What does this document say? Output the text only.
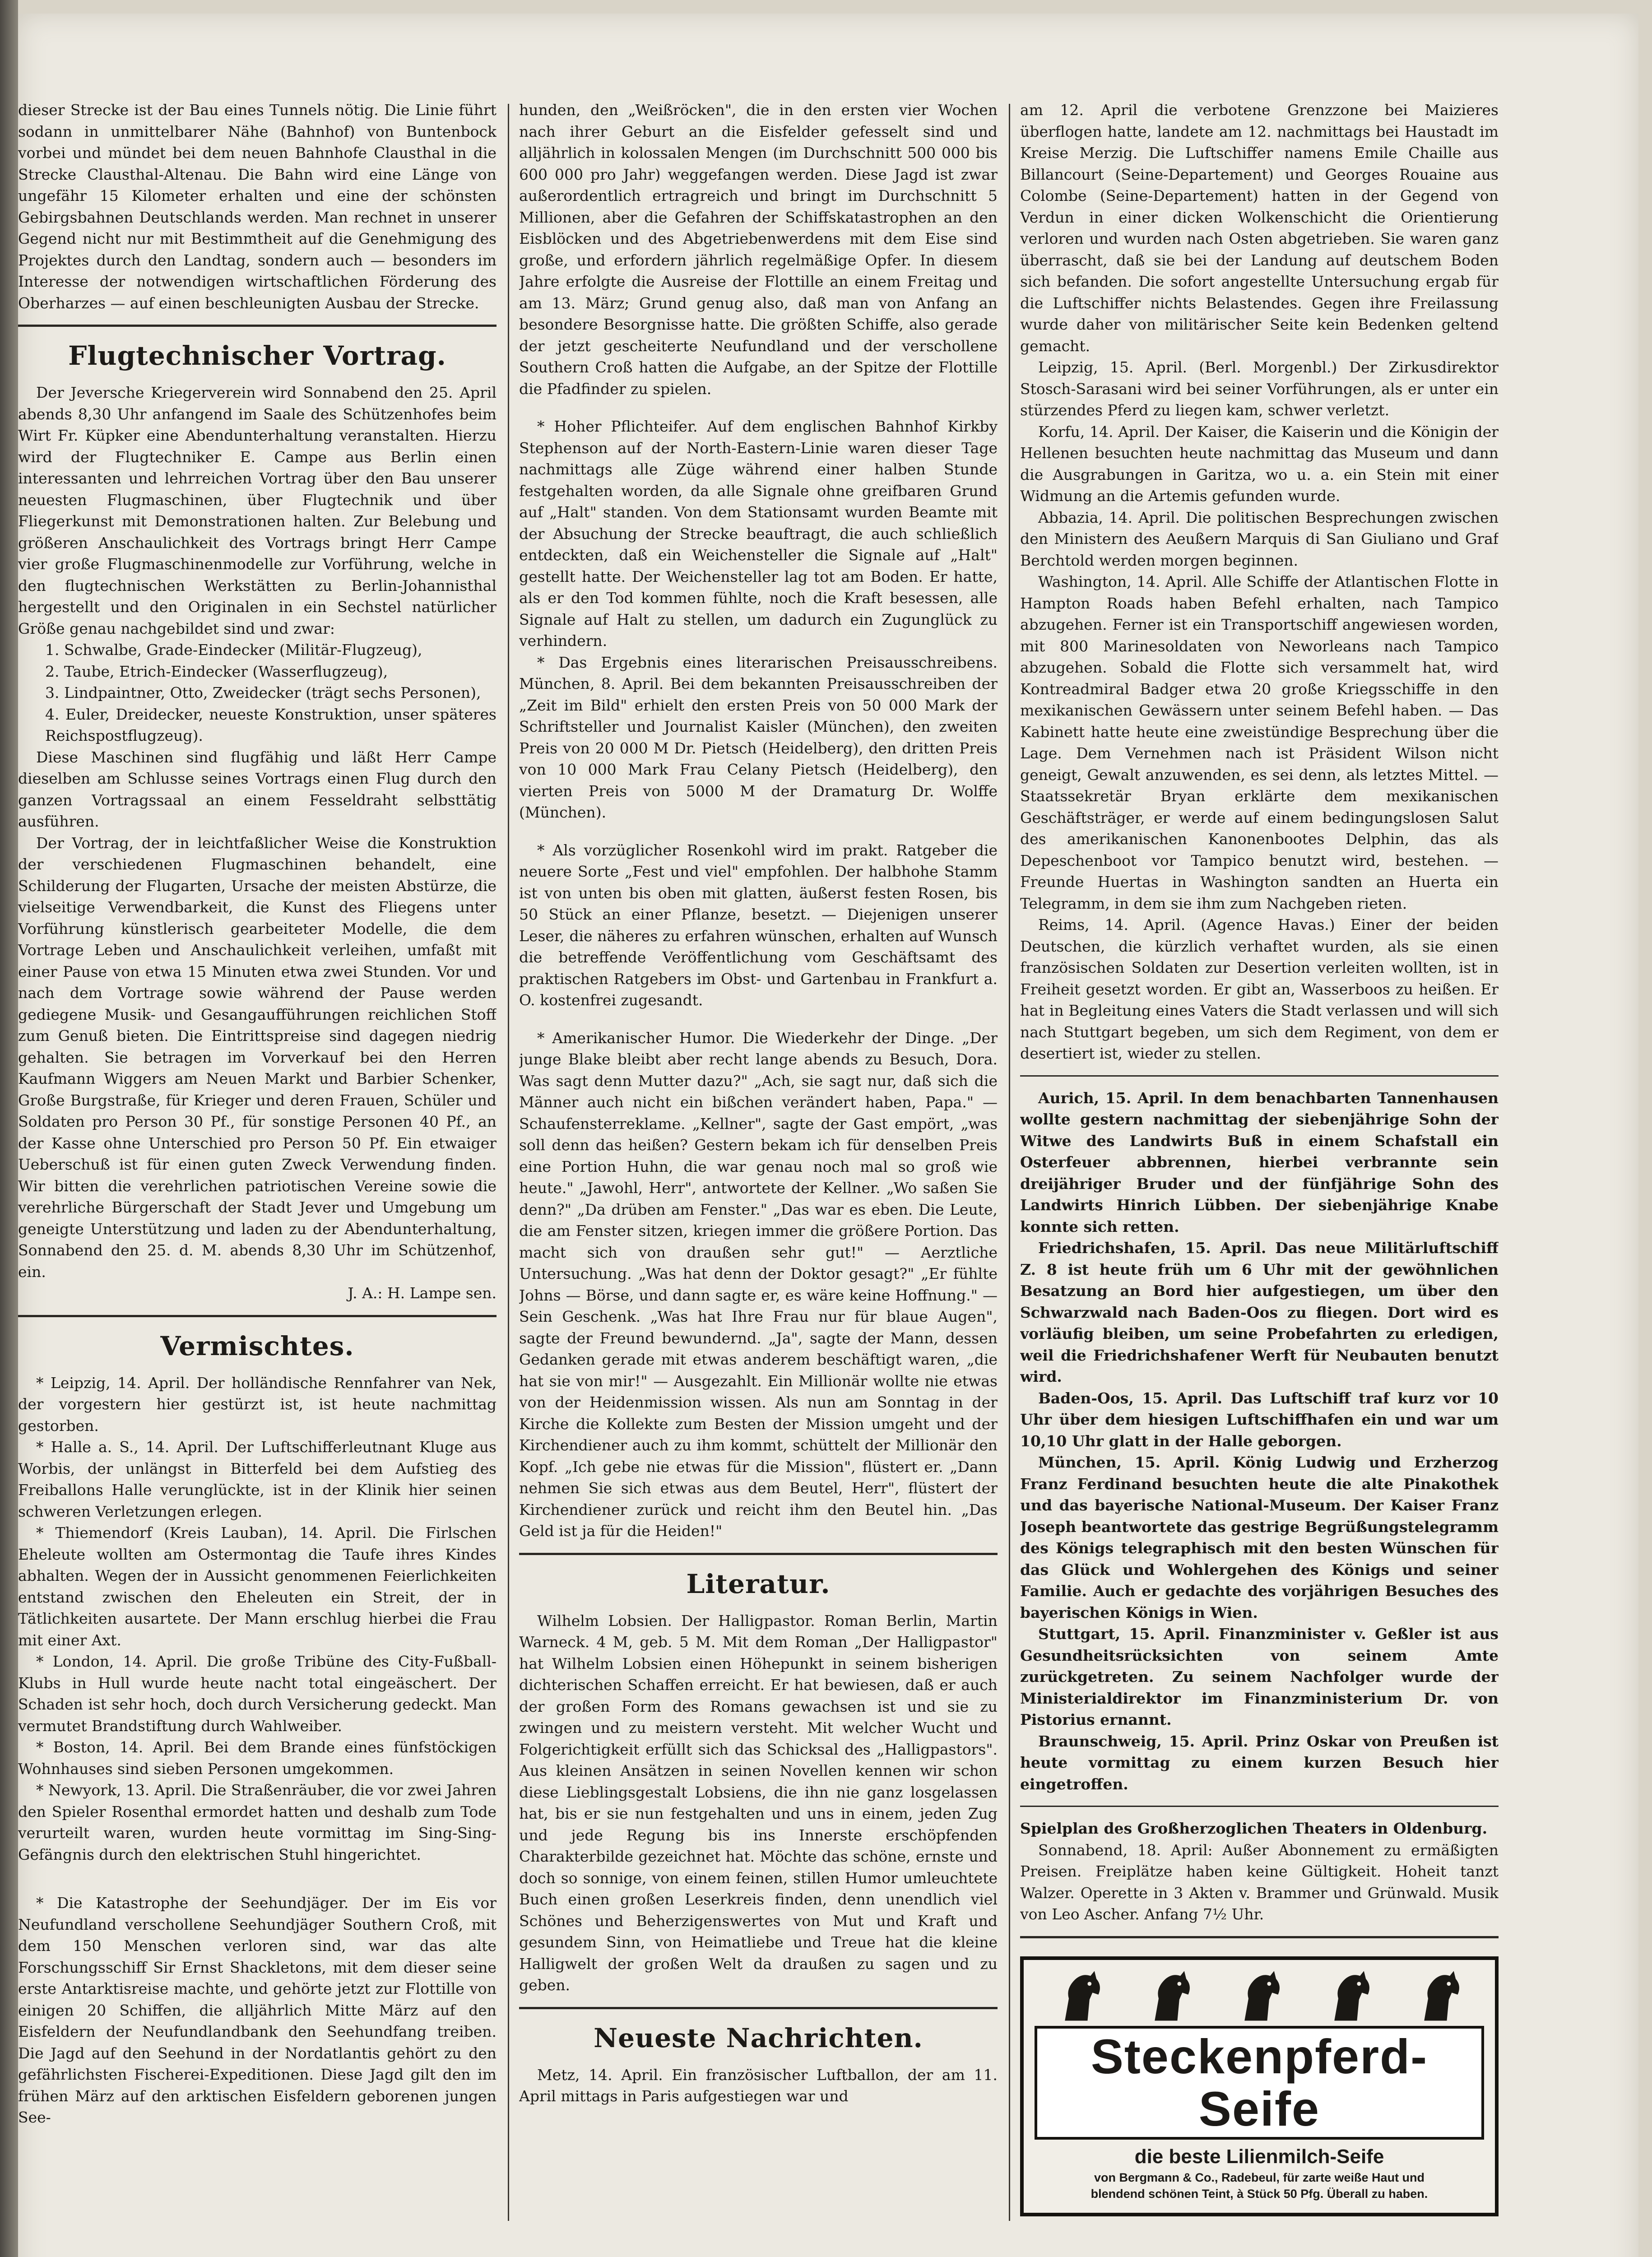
dieser Strecke ist der Bau eines Tunnels nötig. Die Linie führt sodann in unmittelbarer Nähe (Bahnhof) von Buntenbock vorbei und mündet bei dem neuen Bahnhofe Clausthal in die Strecke Clausthal-Altenau. Die Bahn wird eine Länge von ungefähr 15 Kilometer erhalten und eine der schönsten Gebirgsbahnen Deutschlands werden. Man rechnet in unserer Gegend nicht nur mit Bestimmtheit auf die Genehmigung des Projektes durch den Landtag, sondern auch — besonders im Interesse der notwendigen wirtschaftlichen Förderung des Oberharzes — auf einen beschleunigten Ausbau der Strecke.

Flugtechnischer Vortrag.

Der Jeversche Kriegerverein wird Sonnabend den 25. April abends 8,30 Uhr anfangend im Saale des Schützenhofes beim Wirt Fr. Küpker eine Abendunterhaltung veranstalten. Hierzu wird der Flugtechniker E. Campe aus Berlin einen interessanten und lehrreichen Vortrag über den Bau unserer neuesten Flugmaschinen, über Flugtechnik und über Fliegerkunst mit Demonstrationen halten. Zur Belebung und größeren Anschaulichkeit des Vortrags bringt Herr Campe vier große Flugmaschinenmodelle zur Vorführung, welche in den flugtechnischen Werkstätten zu Berlin-Johannisthal hergestellt und den Originalen in ein Sechstel natürlicher Größe genau nachgebildet sind und zwar:

1. Schwalbe, Grade-Eindecker (Militär-Flugzeug),
2. Taube, Etrich-Eindecker (Wasserflugzeug),
3. Lindpaintner, Otto, Zweidecker (trägt sechs Personen),
4. Euler, Dreidecker, neueste Konstruktion, unser späteres Reichspostflugzeug).

Diese Maschinen sind flugfähig und läßt Herr Campe dieselben am Schlusse seines Vortrags einen Flug durch den ganzen Vortragssaal an einem Fesseldraht selbsttätig ausführen.

Der Vortrag, der in leichtfaßlicher Weise die Konstruktion der verschiedenen Flugmaschinen behandelt, eine Schilderung der Flugarten, Ursache der meisten Abstürze, die vielseitige Verwendbarkeit, die Kunst des Fliegens unter Vorführung künstlerisch gearbeiteter Modelle, die dem Vortrage Leben und Anschaulichkeit verleihen, umfaßt mit einer Pause von etwa 15 Minuten etwa zwei Stunden. Vor und nach dem Vortrage sowie während der Pause werden gediegene Musik- und Gesangaufführungen reichlichen Stoff zum Genuß bieten. Die Eintrittspreise sind dagegen niedrig gehalten. Sie betragen im Vorverkauf bei den Herren Kaufmann Wiggers am Neuen Markt und Barbier Schenker, Große Burgstraße, für Krieger und deren Frauen, Schüler und Soldaten pro Person 30 Pf., für sonstige Personen 40 Pf., an der Kasse ohne Unterschied pro Person 50 Pf. Ein etwaiger Ueberschuß ist für einen guten Zweck Verwendung finden. Wir bitten die verehrlichen patriotischen Vereine sowie die verehrliche Bürgerschaft der Stadt Jever und Umgebung um geneigte Unterstützung und laden zu der Abendunterhaltung, Sonnabend den 25. d. M. abends 8,30 Uhr im Schützenhof, ein.

J. A.: H. Lampe sen.

Vermischtes.

* Leipzig, 14. April. Der holländische Rennfahrer van Nek, der vorgestern hier gestürzt ist, ist heute nachmittag gestorben.

* Halle a. S., 14. April. Der Luftschifferleutnant Kluge aus Worbis, der unlängst in Bitterfeld bei dem Aufstieg des Freiballons Halle verunglückte, ist in der Klinik hier seinen schweren Verletzungen erlegen.

* Thiemendorf (Kreis Lauban), 14. April. Die Firlschen Eheleute wollten am Ostermontag die Taufe ihres Kindes abhalten. Wegen der in Aussicht genommenen Feierlichkeiten entstand zwischen den Eheleuten ein Streit, der in Tätlichkeiten ausartete. Der Mann erschlug hierbei die Frau mit einer Axt.

* London, 14. April. Die große Tribüne des City-Fußball-Klubs in Hull wurde heute nacht total eingeäschert. Der Schaden ist sehr hoch, doch durch Versicherung gedeckt. Man vermutet Brandstiftung durch Wahlweiber.

* Boston, 14. April. Bei dem Brande eines fünfstöckigen Wohnhauses sind sieben Personen umgekommen.

* Newyork, 13. April. Die Straßenräuber, die vor zwei Jahren den Spieler Rosenthal ermordet hatten und deshalb zum Tode verurteilt waren, wurden heute vormittag im Sing-Sing-Gefängnis durch den elektrischen Stuhl hingerichtet.

* Die Katastrophe der Seehundjäger. Der im Eis vor Neufundland verschollene Seehundjäger Southern Croß, mit dem 150 Menschen verloren sind, war das alte Forschungsschiff Sir Ernst Shackletons, mit dem dieser seine erste Antarktisreise machte, und gehörte jetzt zur Flottille von einigen 20 Schiffen, die alljährlich Mitte März auf den Eisfeldern der Neufundlandbank den Seehundfang treiben. Die Jagd auf den Seehund in der Nordatlantis gehört zu den gefährlichsten Fischerei-Expeditionen. Diese Jagd gilt den im frühen März auf den arktischen Eisfeldern geborenen jungen See-

hunden, den „Weißröcken", die in den ersten vier Wochen nach ihrer Geburt an die Eisfelder gefesselt sind und alljährlich in kolossalen Mengen (im Durchschnitt 500 000 bis 600 000 pro Jahr) weggefangen werden. Diese Jagd ist zwar außerordentlich ertragreich und bringt im Durchschnitt 5 Millionen, aber die Gefahren der Schiffskatastrophen an den Eisblöcken und des Abgetriebenwerdens mit dem Eise sind große, und erfordern jährlich regelmäßige Opfer. In diesem Jahre erfolgte die Ausreise der Flottille an einem Freitag und am 13. März; Grund genug also, daß man von Anfang an besondere Besorgnisse hatte. Die größten Schiffe, also gerade der jetzt gescheiterte Neufundland und der verschollene Southern Croß hatten die Aufgabe, an der Spitze der Flottille die Pfadfinder zu spielen.

* Hoher Pflichteifer. Auf dem englischen Bahnhof Kirkby Stephenson auf der North-Eastern-Linie waren dieser Tage nachmittags alle Züge während einer halben Stunde festgehalten worden, da alle Signale ohne greifbaren Grund auf „Halt" standen. Von dem Stationsamt wurden Beamte mit der Absuchung der Strecke beauftragt, die auch schließlich entdeckten, daß ein Weichensteller die Signale auf „Halt" gestellt hatte. Der Weichensteller lag tot am Boden. Er hatte, als er den Tod kommen fühlte, noch die Kraft besessen, alle Signale auf Halt zu stellen, um dadurch ein Zugunglück zu verhindern.

* Das Ergebnis eines literarischen Preisausschreibens. München, 8. April. Bei dem bekannten Preisausschreiben der „Zeit im Bild" erhielt den ersten Preis von 50 000 Mark der Schriftsteller und Journalist Kaisler (München), den zweiten Preis von 20 000 M Dr. Pietsch (Heidelberg), den dritten Preis von 10 000 Mark Frau Celany Pietsch (Heidelberg), den vierten Preis von 5000 M der Dramaturg Dr. Wolffe (München).

* Als vorzüglicher Rosenkohl wird im prakt. Ratgeber die neuere Sorte „Fest und viel" empfohlen. Der halbhohe Stamm ist von unten bis oben mit glatten, äußerst festen Rosen, bis 50 Stück an einer Pflanze, besetzt. — Diejenigen unserer Leser, die näheres zu erfahren wünschen, erhalten auf Wunsch die betreffende Veröffentlichung vom Geschäftsamt des praktischen Ratgebers im Obst- und Gartenbau in Frankfurt a. O. kostenfrei zugesandt.

* Amerikanischer Humor. Die Wiederkehr der Dinge. „Der junge Blake bleibt aber recht lange abends zu Besuch, Dora. Was sagt denn Mutter dazu?" „Ach, sie sagt nur, daß sich die Männer auch nicht ein bißchen verändert haben, Papa." — Schaufensterreklame. „Kellner", sagte der Gast empört, „was soll denn das heißen? Gestern bekam ich für denselben Preis eine Portion Huhn, die war genau noch mal so groß wie heute." „Jawohl, Herr", antwortete der Kellner. „Wo saßen Sie denn?" „Da drüben am Fenster." „Das war es eben. Die Leute, die am Fenster sitzen, kriegen immer die größere Portion. Das macht sich von draußen sehr gut!" — Aerztliche Untersuchung. „Was hat denn der Doktor gesagt?" „Er fühlte Johns — Börse, und dann sagte er, es wäre keine Hoffnung." — Sein Geschenk. „Was hat Ihre Frau nur für blaue Augen", sagte der Freund bewundernd. „Ja", sagte der Mann, dessen Gedanken gerade mit etwas anderem beschäftigt waren, „die hat sie von mir!" — Ausgezahlt. Ein Millionär wollte nie etwas von der Heidenmission wissen. Als nun am Sonntag in der Kirche die Kollekte zum Besten der Mission umgeht und der Kirchendiener auch zu ihm kommt, schüttelt der Millionär den Kopf. „Ich gebe nie etwas für die Mission", flüstert er. „Dann nehmen Sie sich etwas aus dem Beutel, Herr", flüstert der Kirchendiener zurück und reicht ihm den Beutel hin. „Das Geld ist ja für die Heiden!"

Literatur.

Wilhelm Lobsien. Der Halligpastor. Roman Berlin, Martin Warneck. 4 M, geb. 5 M. Mit dem Roman „Der Halligpastor" hat Wilhelm Lobsien einen Höhepunkt in seinem bisherigen dichterischen Schaffen erreicht. Er hat bewiesen, daß er auch der großen Form des Romans gewachsen ist und sie zu zwingen und zu meistern versteht. Mit welcher Wucht und Folgerichtigkeit erfüllt sich das Schicksal des „Halligpastors". Aus kleinen Ansätzen in seinen Novellen kennen wir schon diese Lieblingsgestalt Lobsiens, die ihn nie ganz losgelassen hat, bis er sie nun festgehalten und uns in einem, jeden Zug und jede Regung bis ins Innerste erschöpfenden Charakterbilde gezeichnet hat. Möchte das schöne, ernste und doch so sonnige, von einem feinen, stillen Humor umleuchtete Buch einen großen Leserkreis finden, denn unendlich viel Schönes und Beherzigenswertes von Mut und Kraft und gesundem Sinn, von Heimatliebe und Treue hat die kleine Halligwelt der großen Welt da draußen zu sagen und zu geben.

Neueste Nachrichten.

Metz, 14. April. Ein französischer Luftballon, der am 11. April mittags in Paris aufgestiegen war und

am 12. April die verbotene Grenzzone bei Maizieres überflogen hatte, landete am 12. nachmittags bei Haustadt im Kreise Merzig. Die Luftschiffer namens Emile Chaille aus Billancourt (Seine-Departement) und Georges Rouaine aus Colombe (Seine-Departement) hatten in der Gegend von Verdun in einer dicken Wolkenschicht die Orientierung verloren und wurden nach Osten abgetrieben. Sie waren ganz überrascht, daß sie bei der Landung auf deutschem Boden sich befanden. Die sofort angestellte Untersuchung ergab für die Luftschiffer nichts Belastendes. Gegen ihre Freilassung wurde daher von militärischer Seite kein Bedenken geltend gemacht.

Leipzig, 15. April. (Berl. Morgenbl.) Der Zirkusdirektor Stosch-Sarasani wird bei seiner Vorführungen, als er unter ein stürzendes Pferd zu liegen kam, schwer verletzt.

Korfu, 14. April. Der Kaiser, die Kaiserin und die Königin der Hellenen besuchten heute nachmittag das Museum und dann die Ausgrabungen in Garitza, wo u. a. ein Stein mit einer Widmung an die Artemis gefunden wurde.

Abbazia, 14. April. Die politischen Besprechungen zwischen den Ministern des Aeußern Marquis di San Giuliano und Graf Berchtold werden morgen beginnen.

Washington, 14. April. Alle Schiffe der Atlantischen Flotte in Hampton Roads haben Befehl erhalten, nach Tampico abzugehen. Ferner ist ein Transportschiff angewiesen worden, mit 800 Marinesoldaten von Neworleans nach Tampico abzugehen. Sobald die Flotte sich versammelt hat, wird Kontreadmiral Badger etwa 20 große Kriegsschiffe in den mexikanischen Gewässern unter seinem Befehl haben. — Das Kabinett hatte heute eine zweistündige Besprechung über die Lage. Dem Vernehmen nach ist Präsident Wilson nicht geneigt, Gewalt anzuwenden, es sei denn, als letztes Mittel. — Staatssekretär Bryan erklärte dem mexikanischen Geschäftsträger, er werde auf einem bedingungslosen Salut des amerikanischen Kanonenbootes Delphin, das als Depeschenboot vor Tampico benutzt wird, bestehen. — Freunde Huertas in Washington sandten an Huerta ein Telegramm, in dem sie ihm zum Nachgeben rieten.

Reims, 14. April. (Agence Havas.) Einer der beiden Deutschen, die kürzlich verhaftet wurden, als sie einen französischen Soldaten zur Desertion verleiten wollten, ist in Freiheit gesetzt worden. Er gibt an, Wasserboos zu heißen. Er hat in Begleitung eines Vaters die Stadt verlassen und will sich nach Stuttgart begeben, um sich dem Regiment, von dem er desertiert ist, wieder zu stellen.

Aurich, 15. April. In dem benachbarten Tannenhausen wollte gestern nachmittag der siebenjährige Sohn der Witwe des Landwirts Buß in einem Schafstall ein Osterfeuer abbrennen, hierbei verbrannte sein dreijähriger Bruder und der fünfjährige Sohn des Landwirts Hinrich Lübben. Der siebenjährige Knabe konnte sich retten.

Friedrichshafen, 15. April. Das neue Militärluftschiff Z. 8 ist heute früh um 6 Uhr mit der gewöhnlichen Besatzung an Bord hier aufgestiegen, um über den Schwarzwald nach Baden-Oos zu fliegen. Dort wird es vorläufig bleiben, um seine Probefahrten zu erledigen, weil die Friedrichshafener Werft für Neubauten benutzt wird.

Baden-Oos, 15. April. Das Luftschiff traf kurz vor 10 Uhr über dem hiesigen Luftschiffhafen ein und war um 10,10 Uhr glatt in der Halle geborgen.

München, 15. April. König Ludwig und Erzherzog Franz Ferdinand besuchten heute die alte Pinakothek und das bayerische National-Museum. Der Kaiser Franz Joseph beantwortete das gestrige Begrüßungstelegramm des Königs telegraphisch mit den besten Wünschen für das Glück und Wohlergehen des Königs und seiner Familie. Auch er gedachte des vorjährigen Besuches des bayerischen Königs in Wien.

Stuttgart, 15. April. Finanzminister v. Geßler ist aus Gesundheitsrücksichten von seinem Amte zurückgetreten. Zu seinem Nachfolger wurde der Ministerialdirektor im Finanzministerium Dr. von Pistorius ernannt.

Braunschweig, 15. April. Prinz Oskar von Preußen ist heute vormittag zu einem kurzen Besuch hier eingetroffen.

Spielplan des Großherzoglichen Theaters in Oldenburg.

Sonnabend, 18. April: Außer Abonnement zu ermäßigten Preisen. Freiplätze haben keine Gültigkeit. Hoheit tanzt Walzer. Operette in 3 Akten v. Brammer und Grünwald. Musik von Leo Ascher. Anfang 7½ Uhr.

Steckenpferd-Seife
die beste Lilienmilch-Seife
von Bergmann & Co., Radebeul, für zarte weiße Haut und
blendend schönen Teint, à Stück 50 Pfg. Überall zu haben.
